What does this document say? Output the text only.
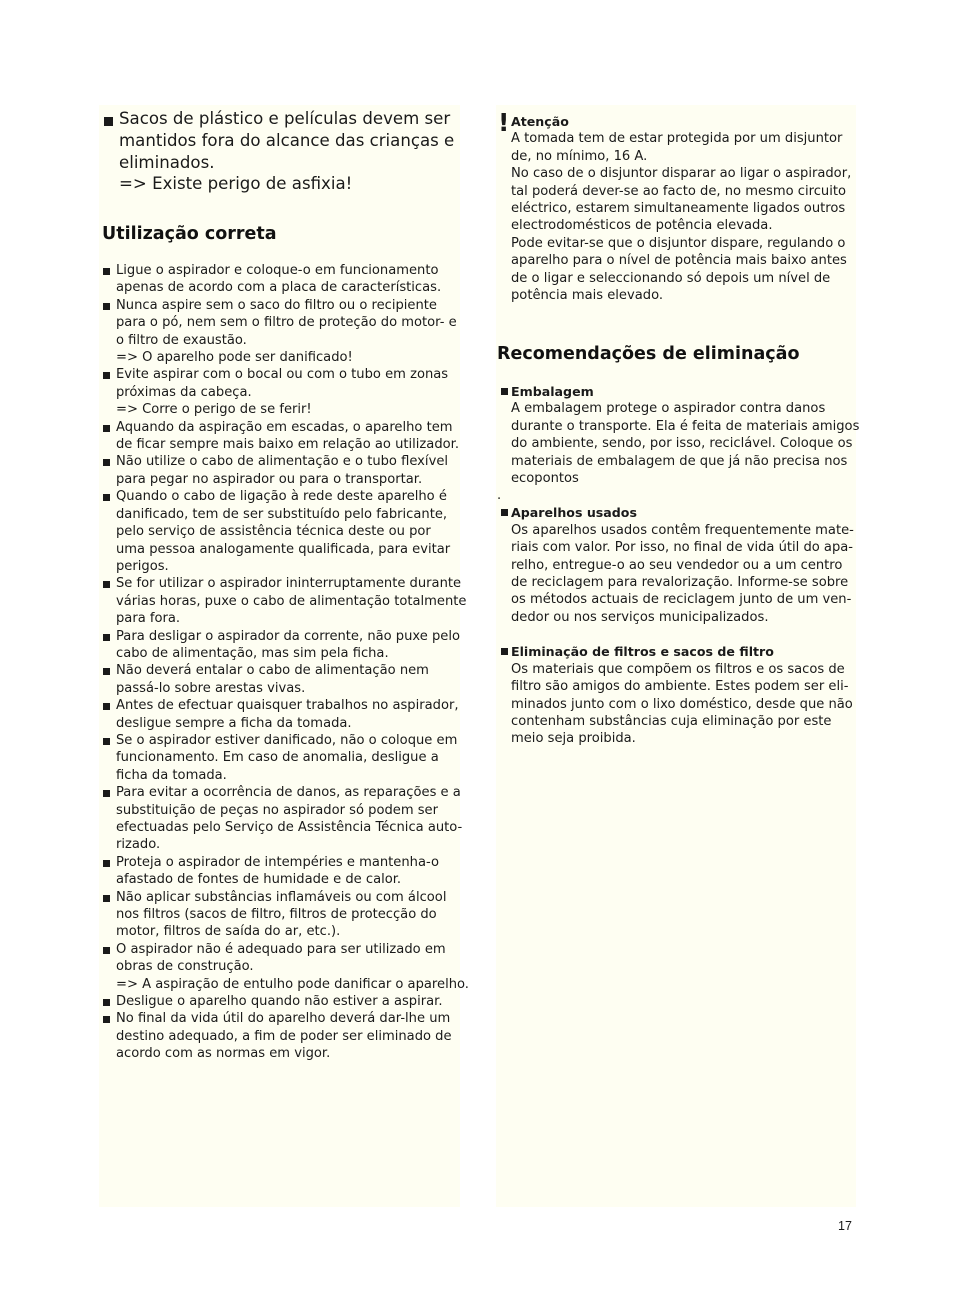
Sacos de plástico e películas devem ser
mantidos fora do alcance das crianças e
eliminados.
=> Existe perigo de asfixia!
Utilização correta
Ligue o aspirador e coloque-o em funcionamento
apenas de acordo com a placa de características.
Nunca aspire sem o saco do filtro ou o recipiente
para o pó, nem sem o filtro de proteção do motor- e
o filtro de exaustão.
=> O aparelho pode ser danificado!
Evite aspirar com o bocal ou com o tubo em zonas
próximas da cabeça.
=> Corre o perigo de se ferir!
Aquando da aspiração em escadas, o aparelho tem
de ficar sempre mais baixo em relação ao utilizador.
Não utilize o cabo de alimentação e o tubo flexível
para pegar no aspirador ou para o transportar.
Quando o cabo de ligação à rede deste aparelho é
danificado, tem de ser substituído pelo fabricante,
pelo serviço de assistência técnica deste ou por
uma pessoa analogamente qualificada, para evitar
perigos.
Se for utilizar o aspirador ininterruptamente durante
várias horas, puxe o cabo de alimentação totalmente
para fora.
Para desligar o aspirador da corrente, não puxe pelo
cabo de alimentação, mas sim pela ficha.
Não deverá entalar o cabo de alimentação nem
passá-lo sobre arestas vivas.
Antes de efectuar quaisquer trabalhos no aspirador,
desligue sempre a ficha da tomada.
Se o aspirador estiver danificado, não o coloque em
funcionamento. Em caso de anomalia, desligue a
ficha da tomada.
Para evitar a ocorrência de danos, as reparações e a
substituição de peças no aspirador só podem ser
efectuadas pelo Serviço de Assistência Técnica auto-
rizado.
Proteja o aspirador de intempéries e mantenha-o
afastado de fontes de humidade e de calor.
Não aplicar substâncias inflamáveis ou com álcool
nos filtros (sacos de filtro, filtros de protecção do
motor, filtros de saída do ar, etc.).
O aspirador não é adequado para ser utilizado em
obras de construção.
=> A aspiração de entulho pode danificar o aparelho.
Desligue o aparelho quando não estiver a aspirar.
No final da vida útil do aparelho deverá dar-lhe um
destino adequado, a fim de poder ser eliminado de
acordo com as normas em vigor.
! Atenção
A tomada tem de estar protegida por um disjuntor
de, no mínimo, 16 A.
No caso de o disjuntor disparar ao ligar o aspirador,
tal poderá dever-se ao facto de, no mesmo circuito
eléctrico, estarem simultaneamente ligados outros
electrodomésticos de potência elevada.
Pode evitar-se que o disjuntor dispare, regulando o
aparelho para o nível de potência mais baixo antes
de o ligar e seleccionando só depois um nível de
potência mais elevado.
Recomendações de eliminação
Embalagem
A embalagem protege o aspirador contra danos
durante o transporte. Ela é feita de materiais amigos
do ambiente, sendo, por isso, reciclável. Coloque os
materiais de embalagem de que já não precisa nos
ecopontos
.
Aparelhos usados
Os aparelhos usados contêm frequentemente mate-
riais com valor. Por isso, no final de vida útil do apa-
relho, entregue-o ao seu vendedor ou a um centro
de reciclagem para revalorização. Informe-se sobre
os métodos actuais de reciclagem junto de um ven-
dedor ou nos serviços municipalizados.
Eliminação de filtros e sacos de filtro
Os materiais que compõem os filtros e os sacos de
filtro são amigos do ambiente. Estes podem ser eli-
minados junto com o lixo doméstico, desde que não
contenham substâncias cuja eliminação por este
meio seja proibida.
17
